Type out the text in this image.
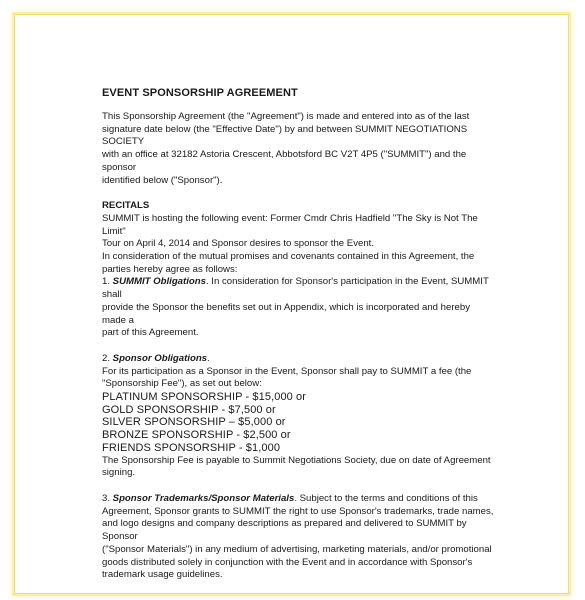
EVENT SPONSORSHIP AGREEMENT

This Sponsorship Agreement (the "Agreement") is made and entered into as of the last

signature date below (the "Effective Date") by and between SUMMIT NEGOTIATIONS SOCIETY

with an office at 32182 Astoria Crescent, Abbotsford BC V2T 4P5 ("SUMMIT") and the sponsor

identified below ("Sponsor").

RECITALS

SUMMIT is hosting the following event: Former Cmdr Chris Hadfield "The Sky is Not The Limit"

Tour on April 4, 2014 and Sponsor desires to sponsor the Event.

In consideration of the mutual promises and covenants contained in this Agreement, the

parties hereby agree as follows:

1. SUMMIT Obligations. In consideration for Sponsor's participation in the Event, SUMMIT shall

provide the Sponsor the benefits set out in Appendix, which is incorporated and hereby made a

part of this Agreement.

2. Sponsor Obligations.

For its participation as a Sponsor in the Event, Sponsor shall pay to SUMMIT a fee (the

"Sponsorship Fee"), as set out below:

PLATINUM SPONSORSHIP - $15,000 or

GOLD SPONSORSHIP - $7,500 or

SILVER SPONSORSHIP – $5,000 or

BRONZE SPONSORSHIP - $2,500 or

FRIENDS SPONSORSHIP - $1,000

The Sponsorship Fee is payable to Summit Negotiations Society, due on date of Agreement

signing.

3. Sponsor Trademarks/Sponsor Materials. Subject to the terms and conditions of this

Agreement, Sponsor grants to SUMMIT the right to use Sponsor's trademarks, trade names,

and logo designs and company descriptions as prepared and delivered to SUMMIT by Sponsor

("Sponsor Materials") in any medium of advertising, marketing materials, and/or promotional

goods distributed solely in conjunction with the Event and in accordance with Sponsor's

trademark usage guidelines.
